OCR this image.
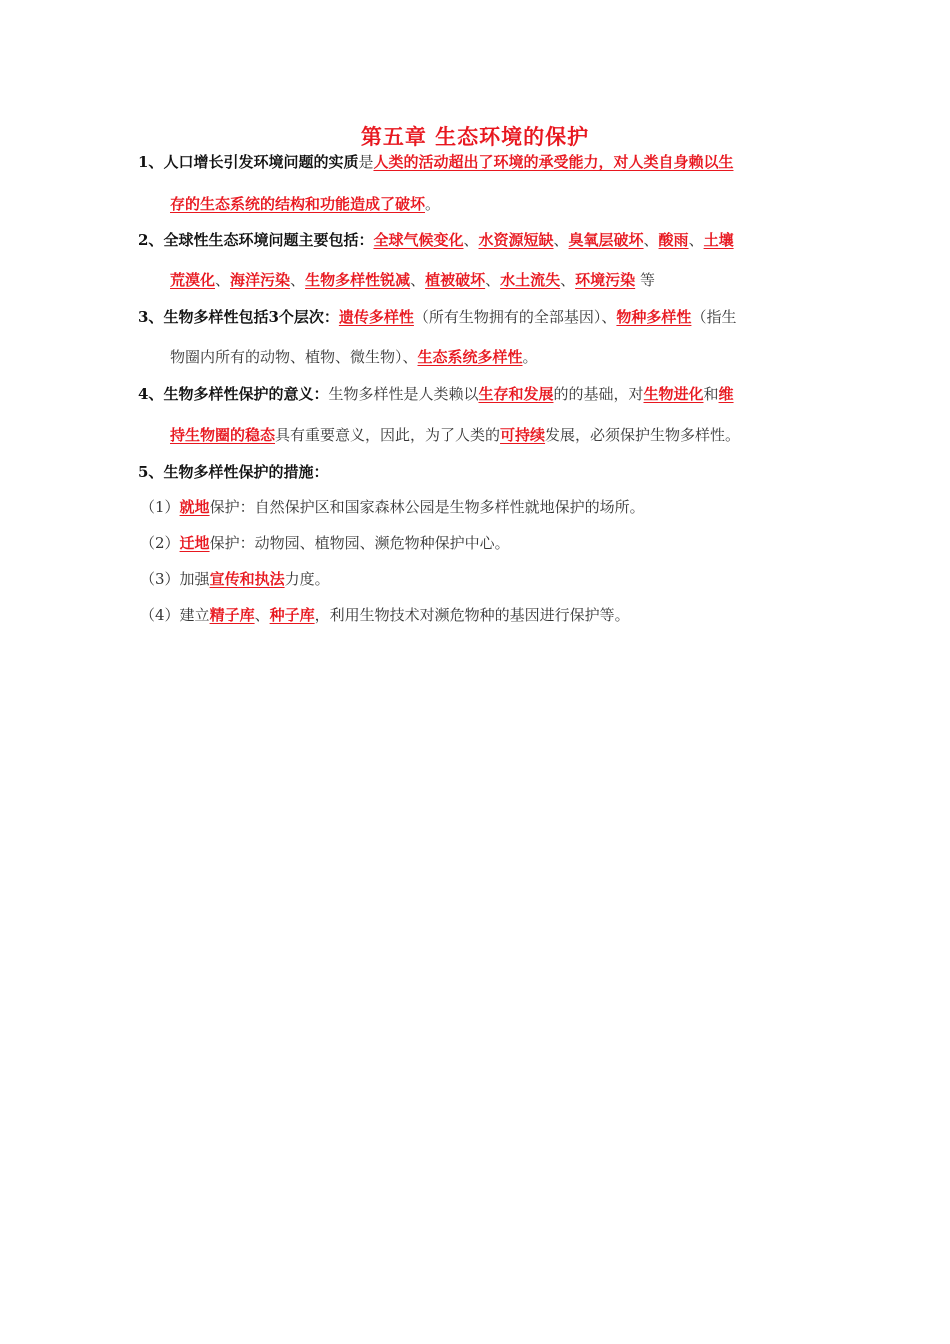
第五章 生态环境的保护
1、人口增长引发环境问题的实质是人类的活动超出了环境的承受能力，对人类自身赖以生
存的生态系统的结构和功能造成了破坏。
2、全球性生态环境问题主要包括：全球气候变化、水资源短缺、臭氧层破坏、酸雨、土壤
荒漠化、海洋污染、生物多样性锐减、植被破坏、水土流失、环境污染 等
3、生物多样性包括3个层次：遗传多样性（所有生物拥有的全部基因）、物种多样性（指生
物圈内所有的动物、植物、微生物）、生态系统多样性。
4、生物多样性保护的意义：生物多样性是人类赖以生存和发展的的基础，对生物进化和维
持生物圈的稳态具有重要意义，因此，为了人类的可持续发展，必须保护生物多样性。
5、生物多样性保护的措施：
（1）就地保护：自然保护区和国家森林公园是生物多样性就地保护的场所。
（2）迁地保护：动物园、植物园、濒危物种保护中心。
（3）加强宣传和执法力度。
（4）建立精子库、种子库，利用生物技术对濒危物种的基因进行保护等。
